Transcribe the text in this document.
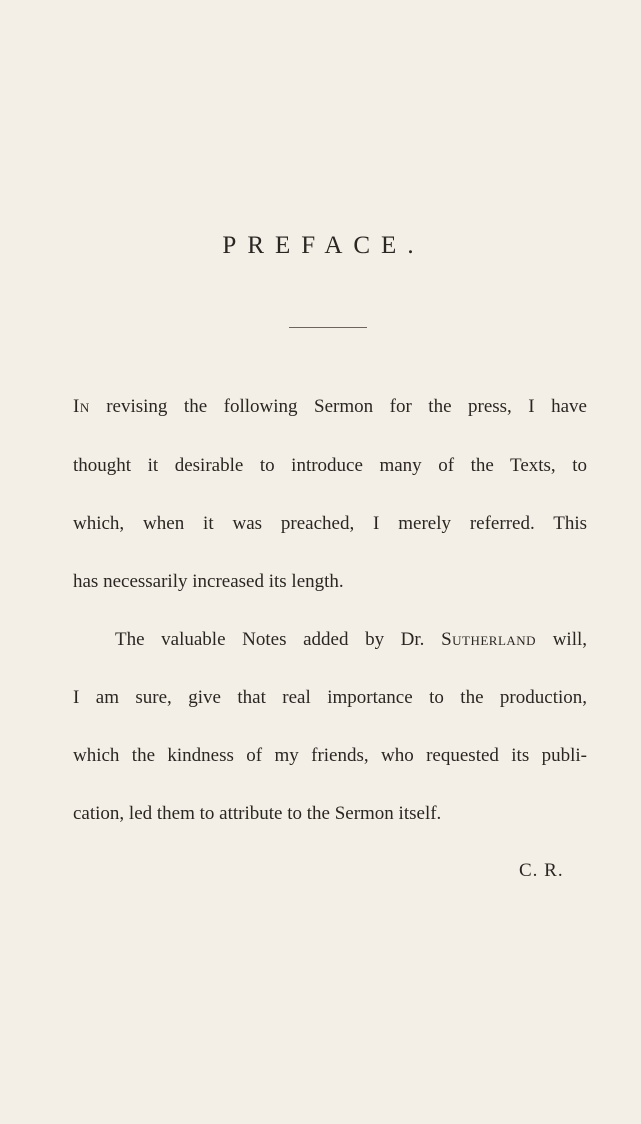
PREFACE.
In revising the following Sermon for the press, I have
thought it desirable to introduce many of the Texts, to
which, when it was preached, I merely referred. This
has necessarily increased its length.
The valuable Notes added by Dr. Sutherland will,
I am sure, give that real importance to the production,
which the kindness of my friends, who requested its publi-
cation, led them to attribute to the Sermon itself.
C. R.
